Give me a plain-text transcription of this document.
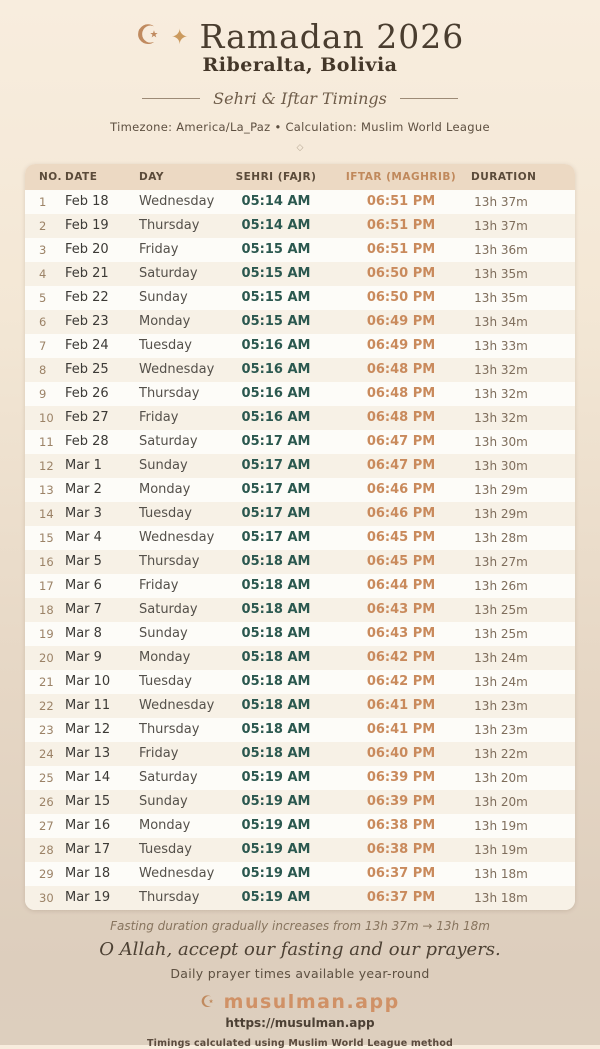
☪ ✦ Ramadan 2026
Riberalta, Bolivia
Sehri & Iftar Timings
Timezone: America/La_Paz • Calculation: Muslim World League
◇
NO.	DATE	DAY	SEHRI (FAJR)	IFTAR (MAGHRIB)	DURATION
1	Feb 18	Wednesday	05:14 AM	06:51 PM	13h 37m
2	Feb 19	Thursday	05:14 AM	06:51 PM	13h 37m
3	Feb 20	Friday	05:15 AM	06:51 PM	13h 36m
4	Feb 21	Saturday	05:15 AM	06:50 PM	13h 35m
5	Feb 22	Sunday	05:15 AM	06:50 PM	13h 35m
6	Feb 23	Monday	05:15 AM	06:49 PM	13h 34m
7	Feb 24	Tuesday	05:16 AM	06:49 PM	13h 33m
8	Feb 25	Wednesday	05:16 AM	06:48 PM	13h 32m
9	Feb 26	Thursday	05:16 AM	06:48 PM	13h 32m
10	Feb 27	Friday	05:16 AM	06:48 PM	13h 32m
11	Feb 28	Saturday	05:17 AM	06:47 PM	13h 30m
12	Mar 1	Sunday	05:17 AM	06:47 PM	13h 30m
13	Mar 2	Monday	05:17 AM	06:46 PM	13h 29m
14	Mar 3	Tuesday	05:17 AM	06:46 PM	13h 29m
15	Mar 4	Wednesday	05:17 AM	06:45 PM	13h 28m
16	Mar 5	Thursday	05:18 AM	06:45 PM	13h 27m
17	Mar 6	Friday	05:18 AM	06:44 PM	13h 26m
18	Mar 7	Saturday	05:18 AM	06:43 PM	13h 25m
19	Mar 8	Sunday	05:18 AM	06:43 PM	13h 25m
20	Mar 9	Monday	05:18 AM	06:42 PM	13h 24m
21	Mar 10	Tuesday	05:18 AM	06:42 PM	13h 24m
22	Mar 11	Wednesday	05:18 AM	06:41 PM	13h 23m
23	Mar 12	Thursday	05:18 AM	06:41 PM	13h 23m
24	Mar 13	Friday	05:18 AM	06:40 PM	13h 22m
25	Mar 14	Saturday	05:19 AM	06:39 PM	13h 20m
26	Mar 15	Sunday	05:19 AM	06:39 PM	13h 20m
27	Mar 16	Monday	05:19 AM	06:38 PM	13h 19m
28	Mar 17	Tuesday	05:19 AM	06:38 PM	13h 19m
29	Mar 18	Wednesday	05:19 AM	06:37 PM	13h 18m
30	Mar 19	Thursday	05:19 AM	06:37 PM	13h 18m
Fasting duration gradually increases from 13h 37m → 13h 18m
O Allah, accept our fasting and our prayers.
Daily prayer times available year-round
☪ musulman.app
https://musulman.app
Timings calculated using Muslim World League method
